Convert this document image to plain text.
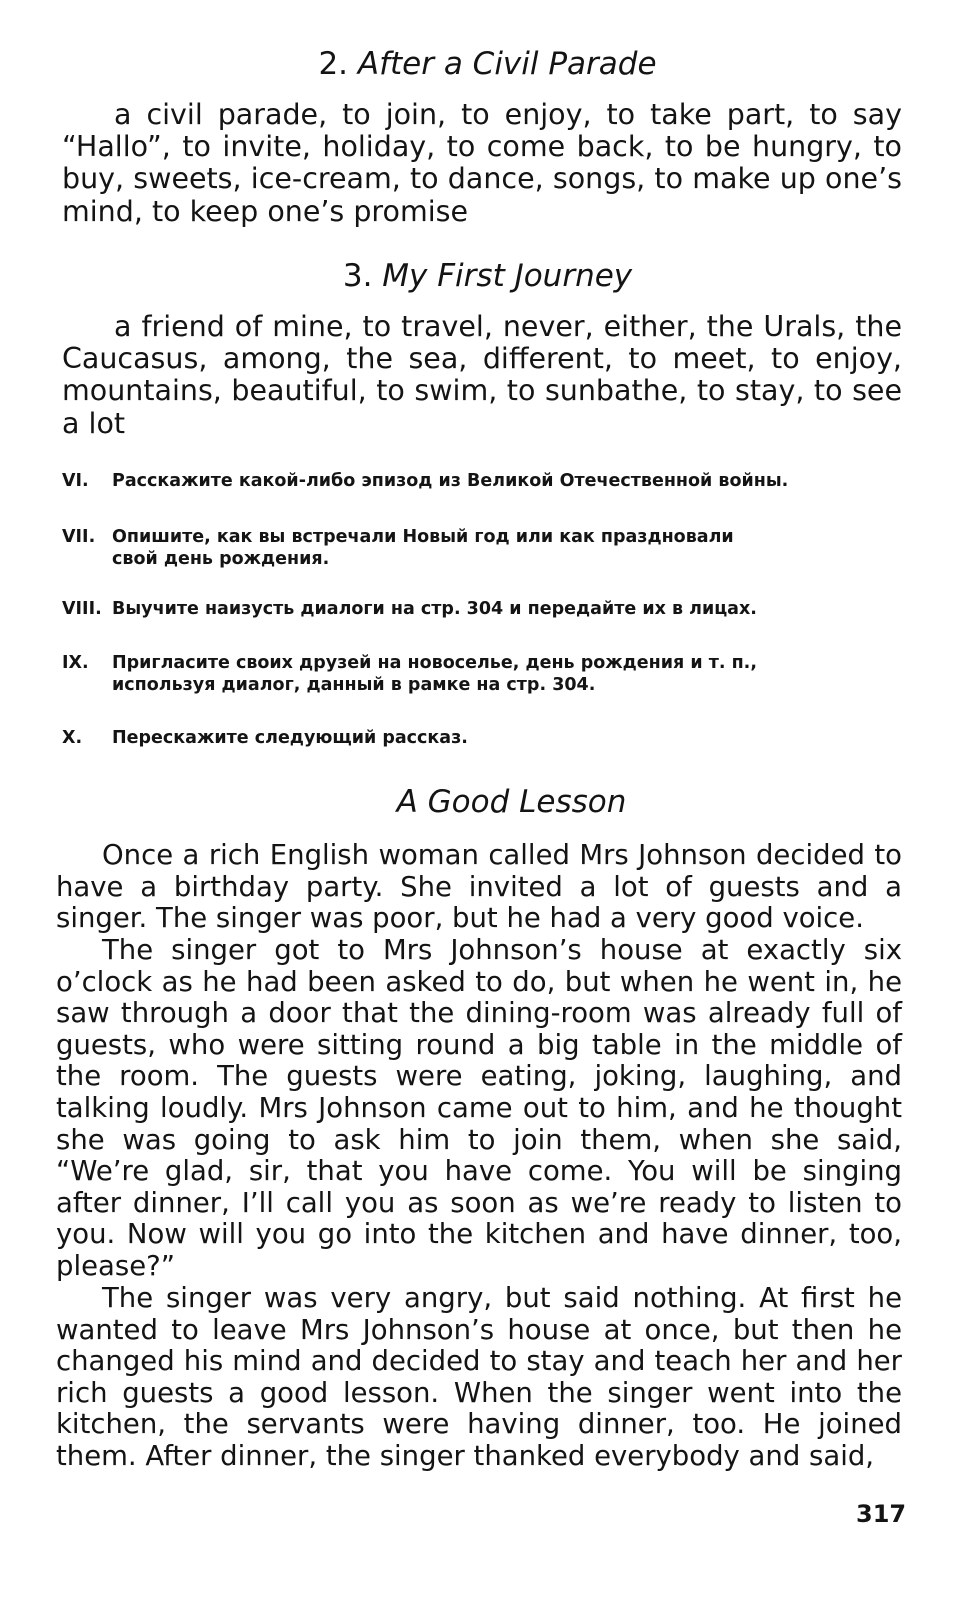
2. After a Civil Parade

a civil parade, to join, to enjoy, to take part, to say “Hallo”, to invite, holiday, to come back, to be hungry, to buy, sweets, ice-cream, to dance, songs, to make up one’s mind, to keep one’s promise

3. My First Journey

a friend of mine, to travel, never, either, the Urals, the Caucasus, among, the sea, different, to meet, to enjoy, mountains, beautiful, to swim, to sunbathe, to stay, to see a lot

VI. Расскажите какой-либо эпизод из Великой Отечественной войны.
VII. Опишите, как вы встречали Новый год или как праздновали
свой день рождения.
VIII. Выучите наизусть диалоги на стр. 304 и передайте их в лицах.
IX. Пригласите своих друзей на новоселье, день рождения и т. п.,
используя диалог, данный в рамке на стр. 304.
X. Перескажите следующий рассказ.
A Good Lesson

Once a rich English woman called Mrs Johnson decided to have a birthday party. She invited a lot of guests and a singer. The singer was poor, but he had a very good voice.

The singer got to Mrs Johnson’s house at exactly six o’clock as he had been asked to do, but when he went in, he saw through a door that the dining-room was already full of guests, who were sitting round a big table in the middle of the room. The guests were eating, joking, laughing, and talking loudly. Mrs Johnson came out to him, and he thought she was going to ask him to join them, when she said, “We’re glad, sir, that you have come. You will be singing after dinner, I’ll call you as soon as we’re ready to listen to you. Now will you go into the kitchen and have dinner, too, please?”

The singer was very angry, but said nothing. At first he wanted to leave Mrs Johnson’s house at once, but then he changed his mind and decided to stay and teach her and her rich guests a good lesson. When the singer went into the kitchen, the servants were having dinner, too. He joined them. After dinner, the singer thanked everybody and said,

317
